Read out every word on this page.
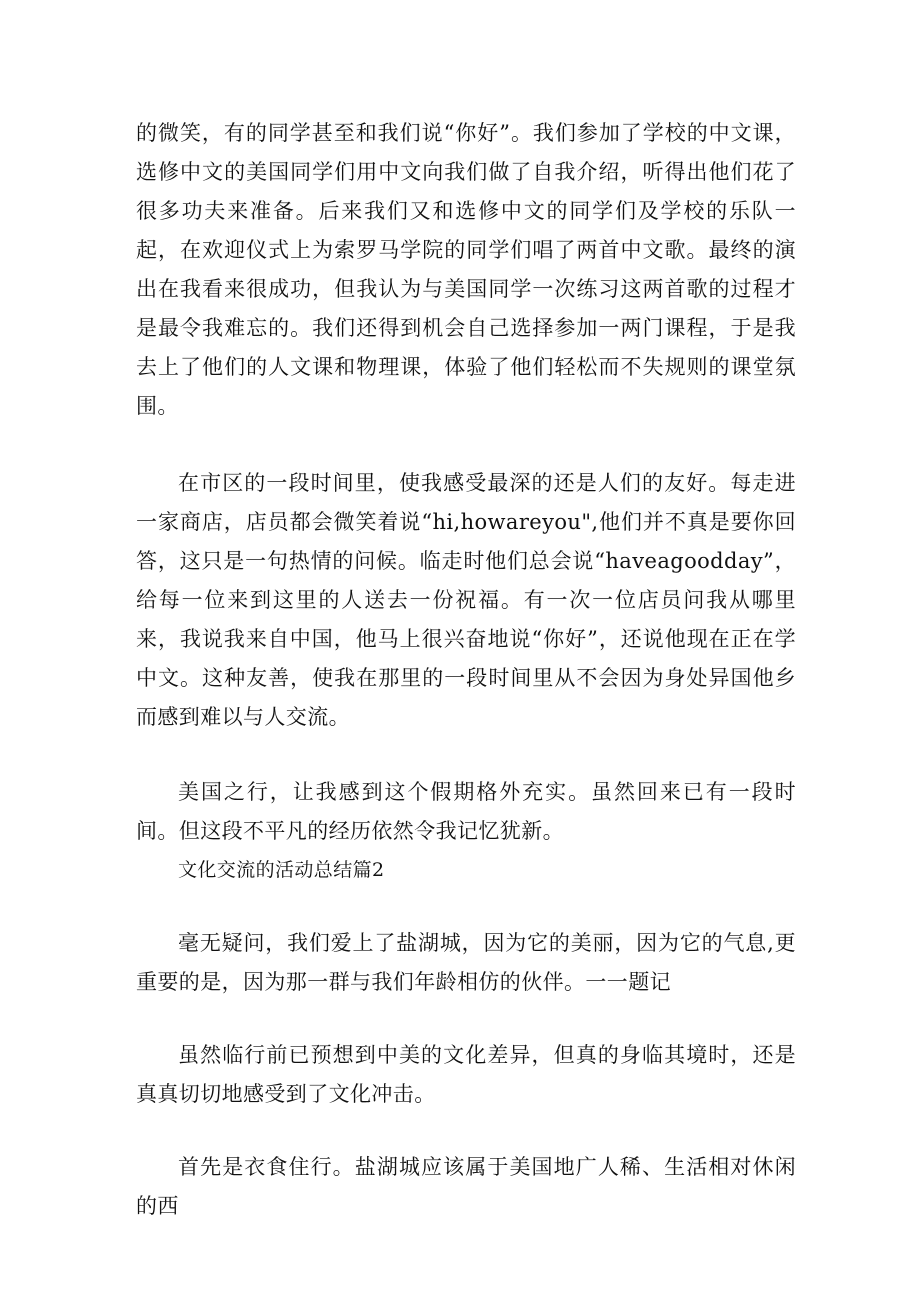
的微笑，有的同学甚至和我们说“你好”。我们参加了学校的中文课，选修中文的美国同学们用中文向我们做了自我介绍，听得出他们花了很多功夫来准备。后来我们又和选修中文的同学们及学校的乐队一起，在欢迎仪式上为索罗马学院的同学们唱了两首中文歌。最终的演出在我看来很成功，但我认为与美国同学一次练习这两首歌的过程才是最令我难忘的。我们还得到机会自己选择参加一两门课程，于是我去上了他们的人文课和物理课，体验了他们轻松而不失规则的课堂氛围。

在市区的一段时间里，使我感受最深的还是人们的友好。每走进一家商店，店员都会微笑着说“hi,howareyou",他们并不真是要你回答，这只是一句热情的问候。临走时他们总会说“haveagoodday”，给每一位来到这里的人送去一份祝福。有一次一位店员问我从哪里来，我说我来自中国，他马上很兴奋地说“你好”，还说他现在正在学中文。这种友善，使我在那里的一段时间里从不会因为身处异国他乡而感到难以与人交流。

美国之行，让我感到这个假期格外充实。虽然回来已有一段时间。但这段不平凡的经历依然令我记忆犹新。

文化交流的活动总结篇2

毫无疑问，我们爱上了盐湖城，因为它的美丽，因为它的气息,更重要的是，因为那一群与我们年龄相仿的伙伴。一一题记

虽然临行前已预想到中美的文化差异，但真的身临其境时，还是真真切切地感受到了文化冲击。

首先是衣食住行。盐湖城应该属于美国地广人稀、生活相对休闲的西
